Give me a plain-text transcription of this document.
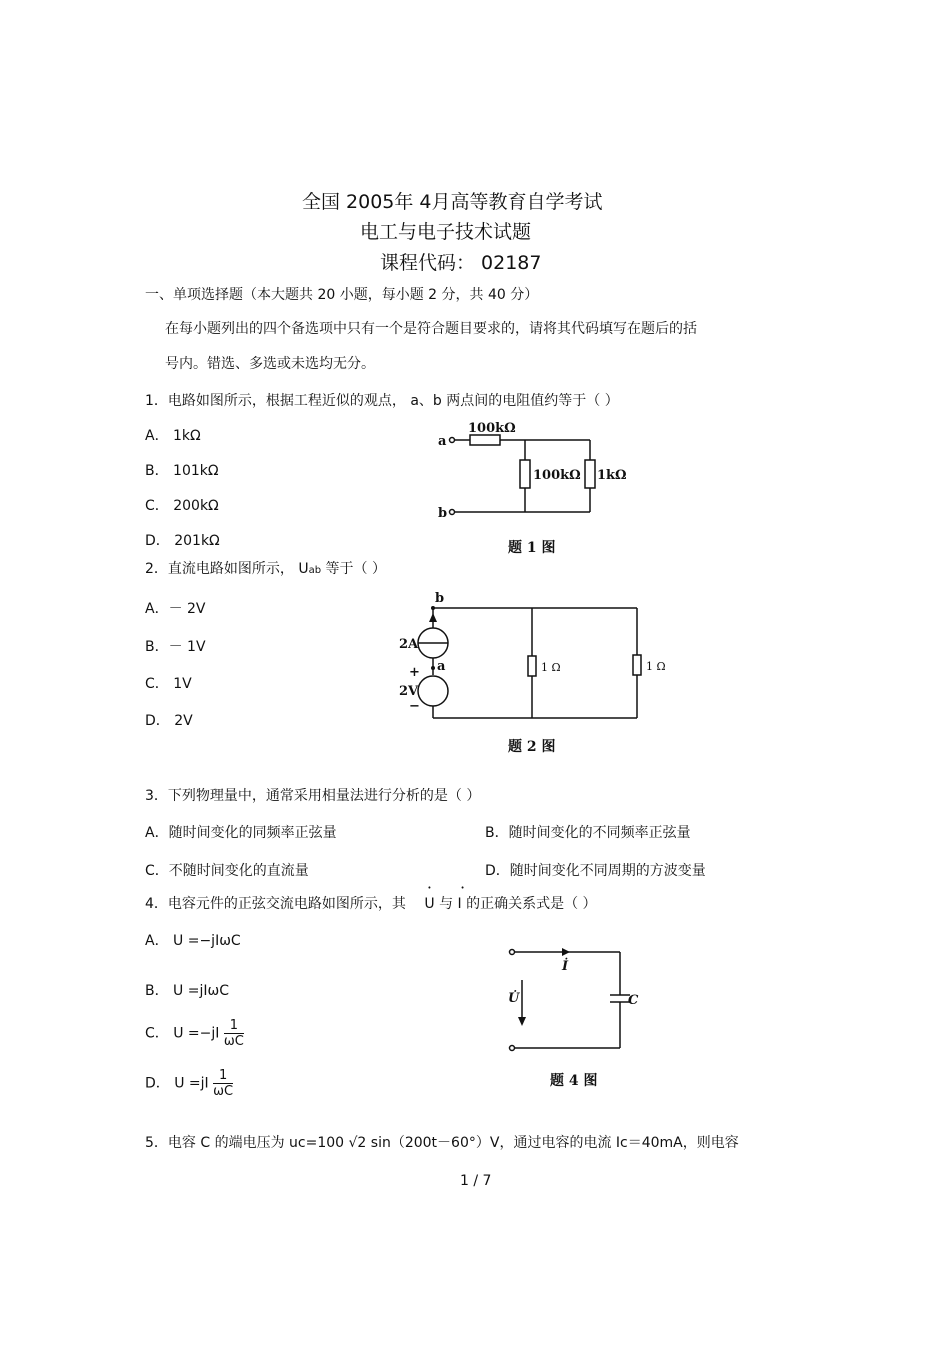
全国 2005年 4月高等教育自学考试
电工与电子技术试题
课程代码： 02187
一、单项选择题（本大题共 20 小题，每小题 2 分，共 40 分）
在每小题列出的四个备选项中只有一个是符合题目要求的，请将其代码填写在题后的括
号内。错选、多选或未选均无分。
1．电路如图所示，根据工程近似的观点， a、b 两点间的电阻值约等于（ ）
A． 1kΩ
B． 101kΩ
C． 200kΩ
D． 201kΩ
a
b
100kΩ
100kΩ 1kΩ
题 1 图
2．直流电路如图所示， Uab 等于（ ）
A．－ 2V
B．－ 1V
C． 1V
D． 2V
b
a
2A
+
2V
−
1 Ω	1 Ω
题 2 图
3．下列物理量中，通常采用相量法进行分析的是（ ）
A．随时间变化的同频率正弦量	B．随时间变化的不同频率正弦量
C．不随时间变化的直流量	D．随时间变化不同周期的方波变量
4．电容元件的正弦交流电路如图所示，其 • U 与 • I 的正确关系式是（ ）
A． U =−jIωC
B． U =jIωC
C． $U =-jI \frac{1}{\omega C}$
D． $U =jI \frac{1}{\omega C}$
İ
U̇	C
题 4 图
5．电容 C 的端电压为 uc=100 √2 sin（200t－60°）V，通过电容的电流 Ic＝40mA，则电容
1 / 7
